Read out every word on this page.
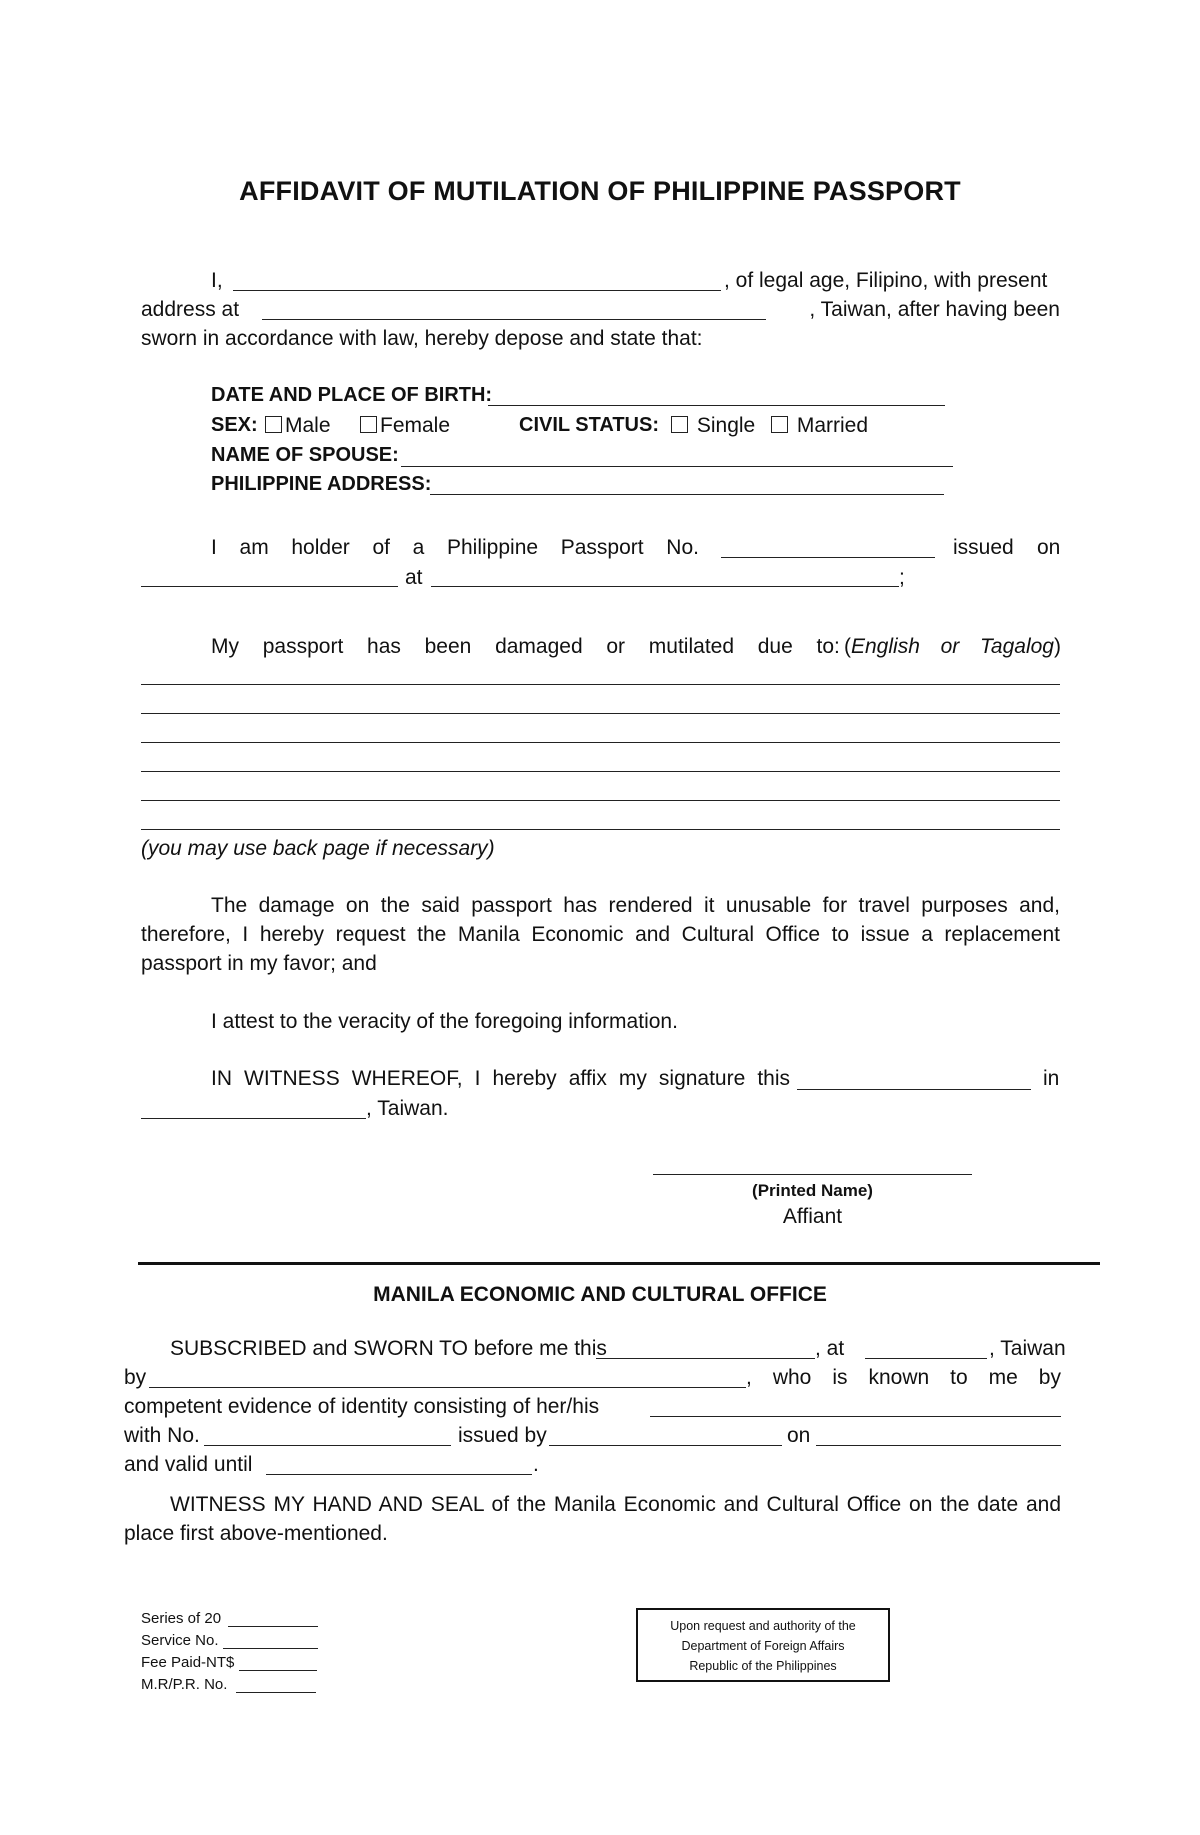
AFFIDAVIT OF MUTILATION OF PHILIPPINE PASSPORT
I,	, of legal age, Filipino, with present
address at	, Taiwan, after having been
sworn in accordance with law, hereby depose and state that:
DATE AND PLACE OF BIRTH:
SEX:	Male	Female	CIVIL STATUS:	Single	Married
NAME OF SPOUSE:
PHILIPPINE ADDRESS:
I am holder of a Philippine Passport No.	issued on
at	;
My passport has been damaged or mutilated due to: (English or Tagalog)
(you may use back page if necessary)
The damage on the said passport has rendered it unusable for travel purposes and,
therefore, I hereby request the Manila Economic and Cultural Office to issue a replacement
passport in my favor; and
I attest to the veracity of the foregoing information.
IN WITNESS WHEREOF, I hereby affix my signature this	in
, Taiwan.
(Printed Name)
Affiant
MANILA ECONOMIC AND CULTURAL OFFICE
SUBSCRIBED and SWORN TO before me this	, at	, Taiwan
by	, who is known to me by
competent evidence of identity consisting of her/his
with No.	issued by	on
and valid until	.
WITNESS MY HAND AND SEAL of the Manila Economic and Cultural Office on the date and
place first above-mentioned.
Series of 20
Service No.
Fee Paid-NT$
M.R/P.R. No.
Upon request and authority of the
Department of Foreign Affairs
Republic of the Philippines
